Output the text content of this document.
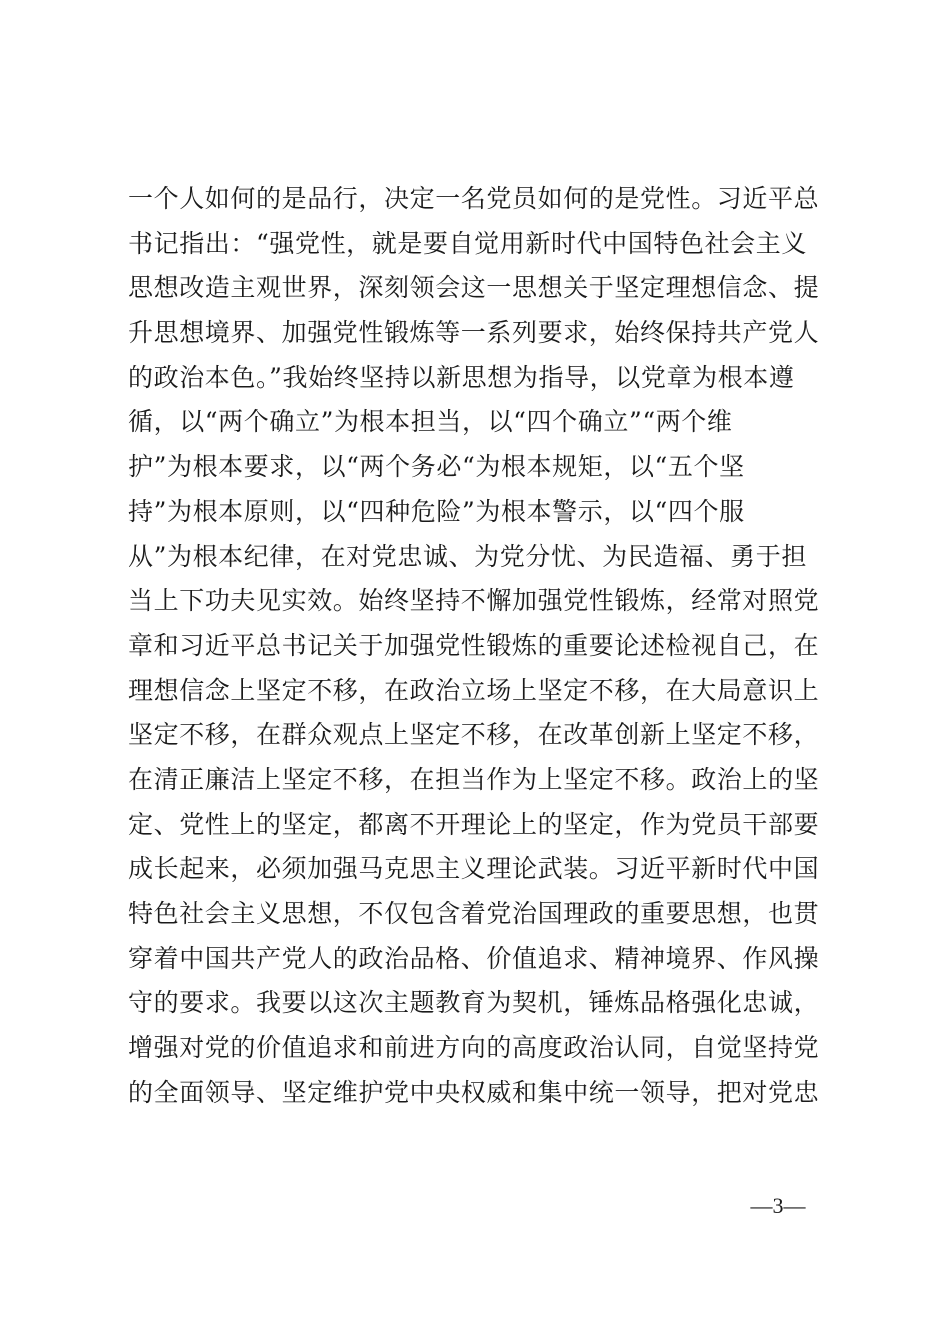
一个人如何的是品行，决定一名党员如何的是党性。习近平总
书记指出：“强党性，就是要自觉用新时代中国特色社会主义
思想改造主观世界，深刻领会这一思想关于坚定理想信念、提
升思想境界、加强党性锻炼等一系列要求，始终保持共产党人
的政治本色。”我始终坚持以新思想为指导，以党章为根本遵
循，以“两个确立”为根本担当，以“四个确立”“两个维
护”为根本要求，以“两个务必“为根本规矩，以“五个坚
持”为根本原则，以“四种危险”为根本警示，以“四个服
从”为根本纪律，在对党忠诚、为党分忧、为民造福、勇于担
当上下功夫见实效。始终坚持不懈加强党性锻炼，经常对照党
章和习近平总书记关于加强党性锻炼的重要论述检视自己，在
理想信念上坚定不移，在政治立场上坚定不移，在大局意识上
坚定不移，在群众观点上坚定不移，在改革创新上坚定不移，
在清正廉洁上坚定不移，在担当作为上坚定不移。政治上的坚
定、党性上的坚定，都离不开理论上的坚定，作为党员干部要
成长起来，必须加强马克思主义理论武装。习近平新时代中国
特色社会主义思想，不仅包含着党治国理政的重要思想，也贯
穿着中国共产党人的政治品格、价值追求、精神境界、作风操
守的要求。我要以这次主题教育为契机，锤炼品格强化忠诚，
增强对党的价值追求和前进方向的高度政治认同，自觉坚持党
的全面领导、坚定维护党中央权威和集中统一领导，把对党忠
—3—
